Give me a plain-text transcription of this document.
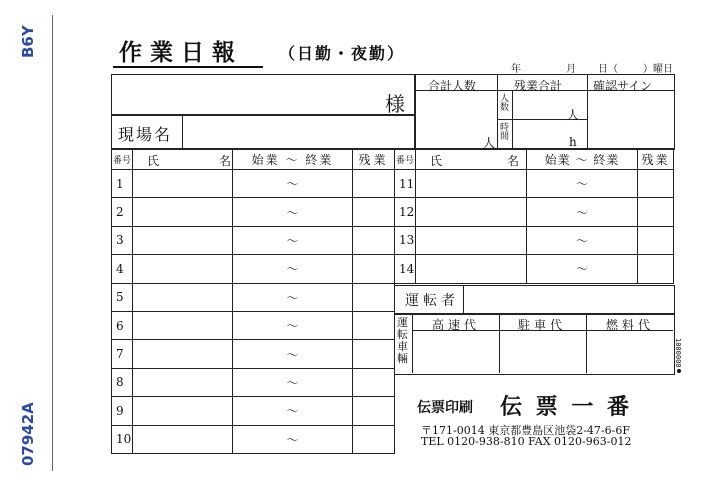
B6Y
07942A
作業日報 （日勤・夜勤）
年	月 日（	）曜日
様
現場名
合計人数	残業合計	確認サイン
人数	人
時間	h
人
番号	氏 名	始業 〜 終業	残業
1		〜	
2		〜	
3		〜	
4		〜	
5		〜	
6		〜	
7		〜	
8		〜	
9		〜	
10		〜	
番号	氏 名	始業 〜 終業	残業
11		〜	
12		〜	
13		〜	
14		〜	
運転者
運転車輛
高速代	駐車代	燃料代
1000000
伝票印刷 伝 票 一 番
〒171-0014 東京都豊島区池袋2-47-6-6F
TEL 0120-938-810 FAX 0120-963-012
